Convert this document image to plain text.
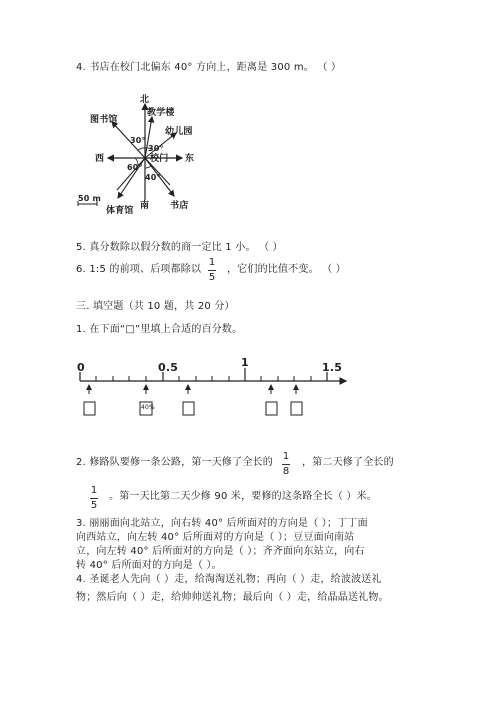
4. 书店在校门北偏东 40° 方向上，距离是 300 m。 （ ）
北
教学楼
图书馆
幼儿园
30°
30°
校门
西	东
60°
40°
50 m
南 书店
体育馆
5. 真分数除以假分数的商一定比 1 小。 （ ）
6. 1:5 的前项、后项都除以
1
5
，它们的比值不变。 （ ）
三. 填空题（共 10 题，共 20 分）
1. 在下面“□”里填上合适的百分数。
0	0.5	1	1.5
40%
2. 修路队要修一条公路，第一天修了全长的
1
8
，第二天修了全长的
1
5
。第一天比第二天少修 90 米，要修的这条路全长（ ）米。
3. 丽丽面向北站立，向右转 40° 后所面对的方向是（ ）；丁丁面
向西站立，向左转 40° 后所面对的方向是（ ）；豆豆面向南站
立，向左转 40° 后所面对的方向是（ ）；齐齐面向东站立，向右
转 40° 后所面对的方向是（ ）。
4. 圣诞老人先向（ ）走，给淘淘送礼物；再向（ ）走，给波波送礼
物；然后向（ ）走，给帅帅送礼物；最后向（ ）走，给晶晶送礼物。
